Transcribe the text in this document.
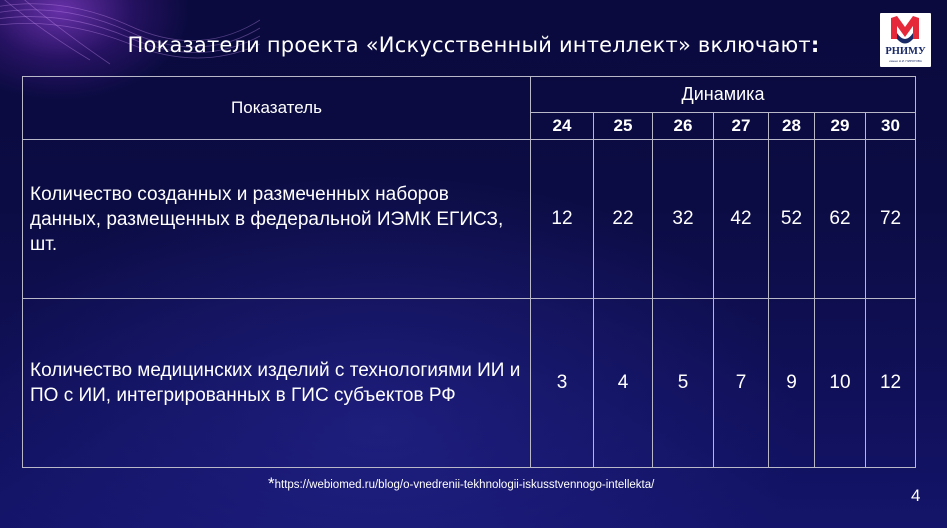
Показатели проекта «Искусственный интеллект» включают:	РНИМУ
имени Н.И. ПИРОГОВА
Показатель	Динамика						
	24	25	26	27	28	29	30
Количество созданных и размеченных наборов данных, размещенных в федеральной ИЭМК ЕГИСЗ, шт.	12	22	32	42	52	62	72
Количество медицинских изделий с технологиями ИИ и ПО с ИИ, интегрированных в ГИС субъектов РФ	3	4	5	7	9	10	12
*https://webiomed.ru/blog/o-vnedrenii-tekhnologii-iskusstvennogo-intellekta/
4
